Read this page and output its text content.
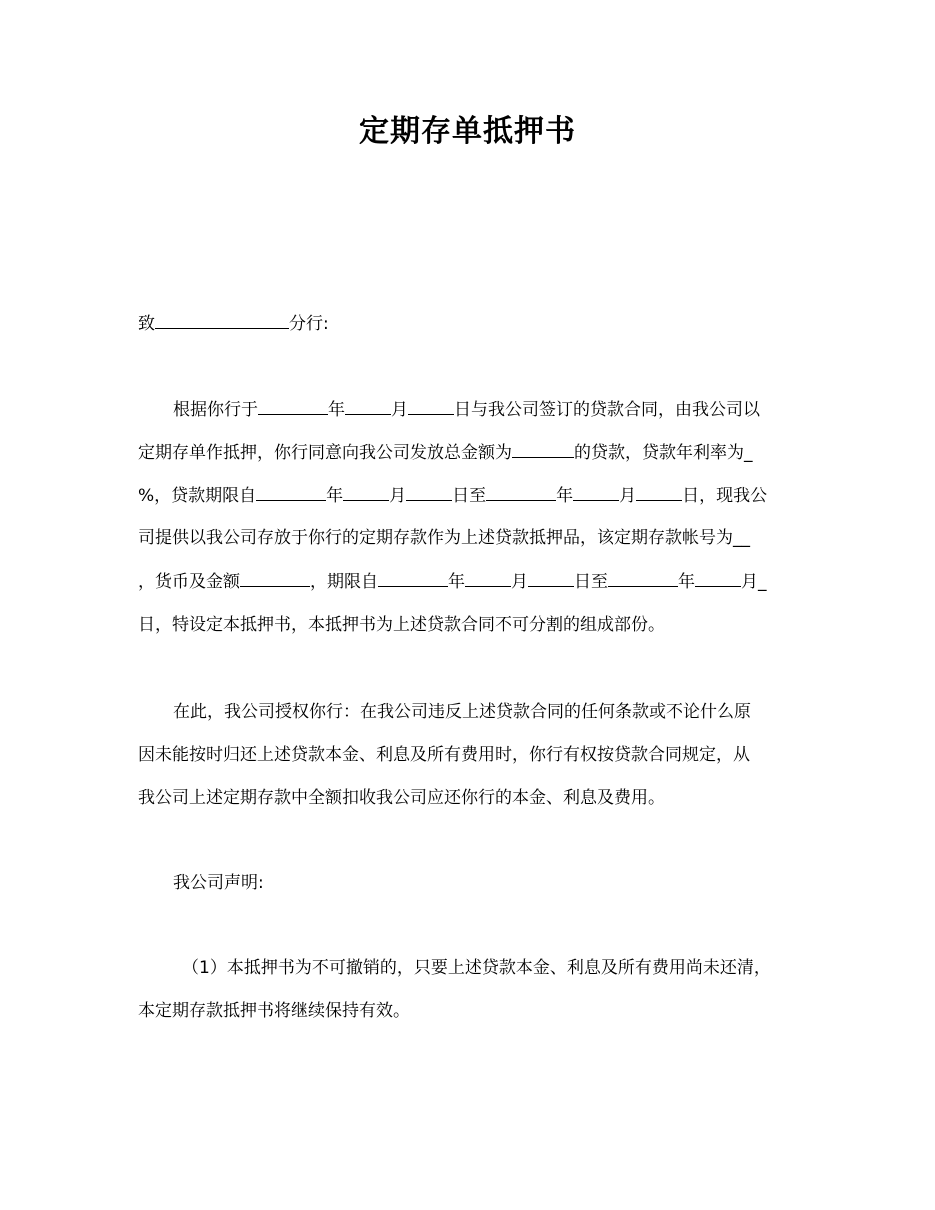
定期存单抵押书
致	分行:
根据你行于	年	月	日与我公司签订的贷款合同，由我公司以
定期存单作抵押，你行同意向我公司发放总金额为	的贷款，贷款年利率为_
%，贷款期限自	年	月	日至	年	月	日，现我公
司提供以我公司存放于你行的定期存款作为上述贷款抵押品，该定期存款帐号为__
，货币及金额	，期限自	年	月	日至	年	月_
日，特设定本抵押书，本抵押书为上述贷款合同不可分割的组成部份。
在此，我公司授权你行：在我公司违反上述贷款合同的任何条款或不论什么原
因未能按时归还上述贷款本金、利息及所有费用时，你行有权按贷款合同规定，从
我公司上述定期存款中全额扣收我公司应还你行的本金、利息及费用。
我公司声明:
（1）本抵押书为不可撤销的，只要上述贷款本金、利息及所有费用尚未还清，
本定期存款抵押书将继续保持有效。
